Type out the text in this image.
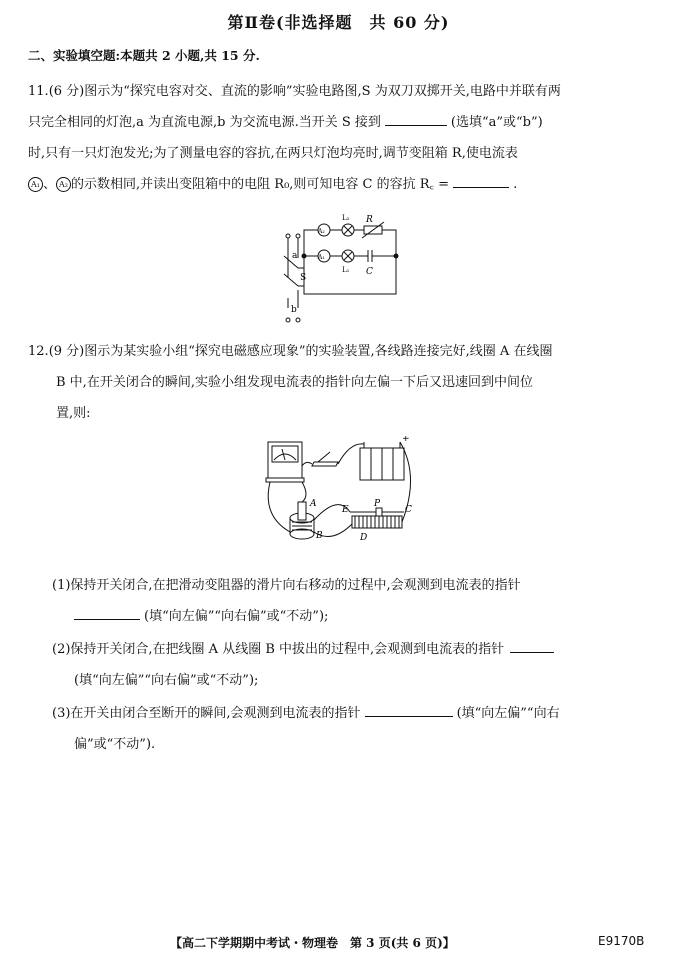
第Ⅱ卷(非选择题　共 60 分)
二、实验填空题:本题共 2 小题,共 15 分.
11.(6 分)图示为“探究电容对交、直流的影响”实验电路图,S 为双刀双掷开关,电路中并联有两
只完全相同的灯泡,a 为直流电源,b 为交流电源.当开关 S 接到	(选填“a”或“b”)
时,只有一只灯泡发光;为了测量电容的容抗,在两只灯泡均亮时,调节变阻箱 R,使电流表
A₁ 、 A₂ 的示数相同,并读出变阻箱中的电阻 R₀,则可知电容 C 的容抗 R꜀ =	.
a
b
S
A₂
A₁
L₂
L₁
R
C
12.(9 分)图示为某实验小组“探究电磁感应现象”的实验装置,各线路连接完好,线圈 A 在线圈
B 中,在开关闭合的瞬间,实验小组发现电流表的指针向左偏一下后又迅速回到中间位
置,则:
A
B
E
P
C
D
+
(1)保持开关闭合,在把滑动变阻器的滑片向右移动的过程中,会观测到电流表的指针
(填“向左偏”“向右偏”或“不动”);
(2)保持开关闭合,在把线圈 A 从线圈 B 中拔出的过程中,会观测到电流表的指针
(填“向左偏”“向右偏”或“不动”);
(3)在开关由闭合至断开的瞬间,会观测到电流表的指针	(填“向左偏”“向右
偏”或“不动”).
【高二下学期期中考试・物理卷　第 3 页(共 6 页)】	E9170B
